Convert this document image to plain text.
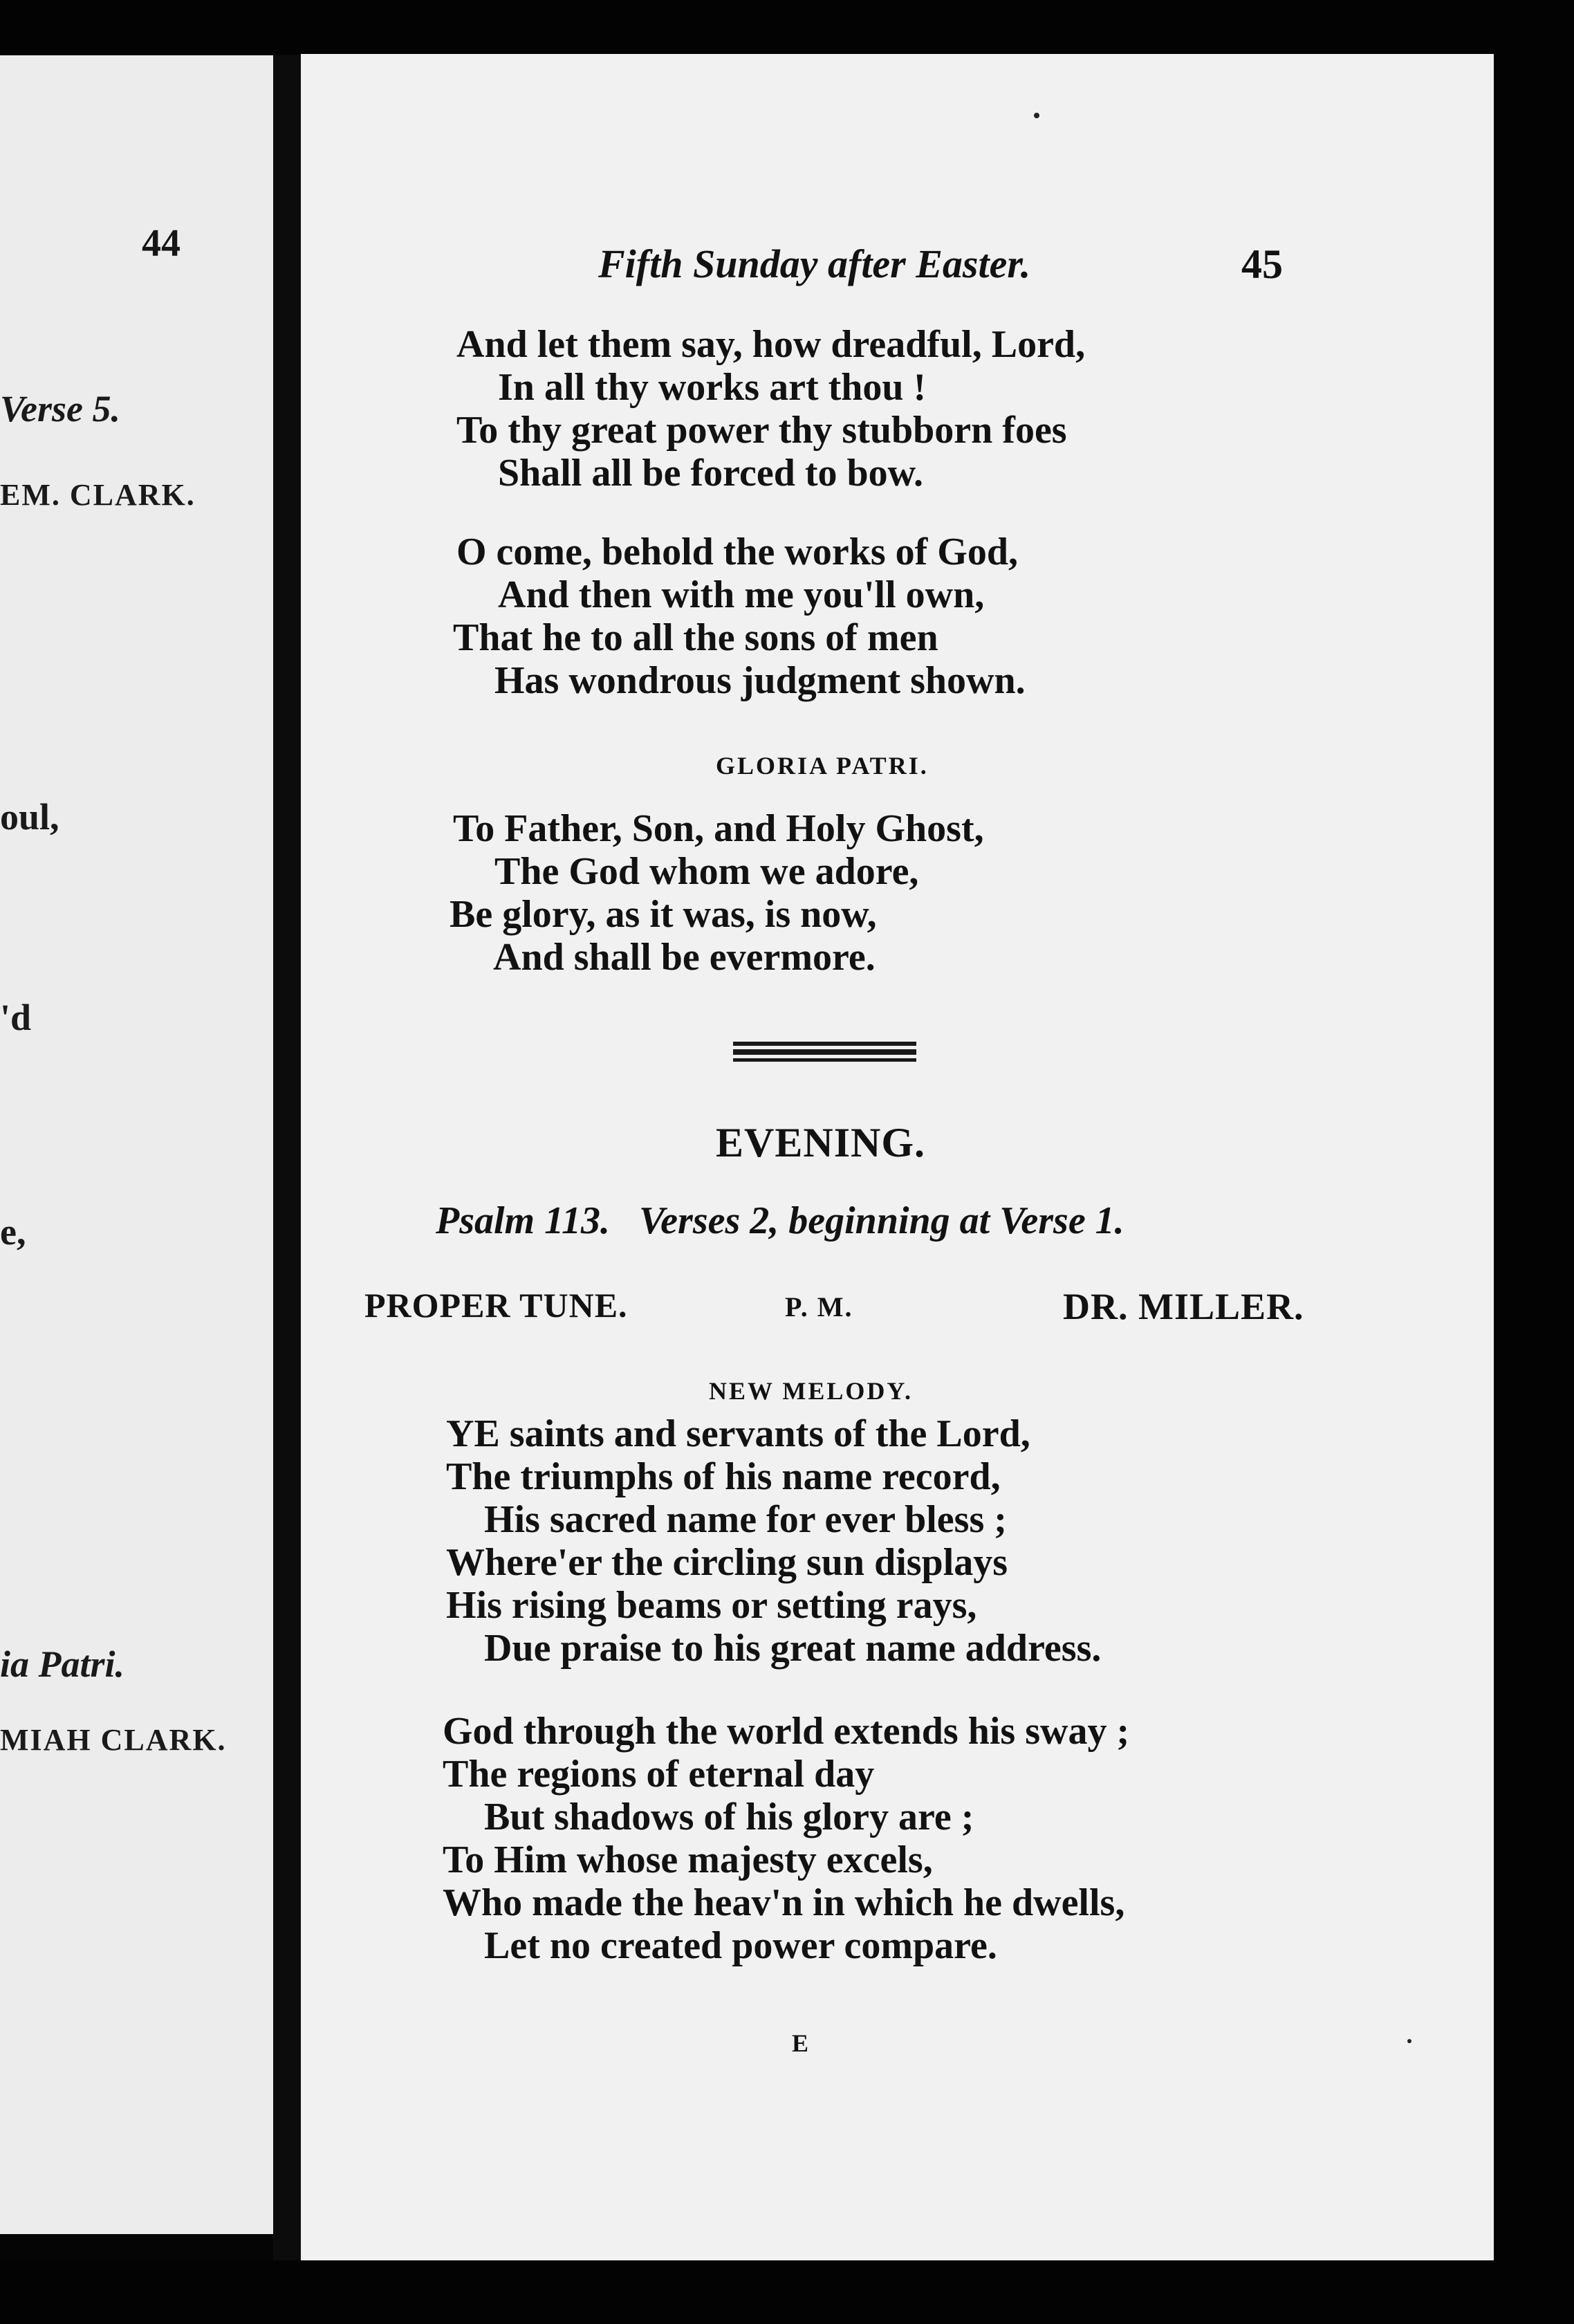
44
Verse 5.
EM. CLARK.
oul,
'd
e,
ia Patri.
MIAH CLARK.
Fifth Sunday after Easter.	45
And let them say, how dreadful, Lord,
In all thy works art thou !
To thy great power thy stubborn foes
Shall all be forced to bow.
O come, behold the works of God,
And then with me you'll own,
That he to all the sons of men
Has wondrous judgment shown.
GLORIA PATRI.
To Father, Son, and Holy Ghost,
The God whom we adore,
Be glory, as it was, is now,
And shall be evermore.
EVENING.
Psalm 113. Verses 2, beginning at Verse 1.
PROPER TUNE.	P. M.	DR. MILLER.
NEW MELODY.
YE saints and servants of the Lord,
The triumphs of his name record,
His sacred name for ever bless ;
Where'er the circling sun displays
His rising beams or setting rays,
Due praise to his great name address.
God through the world extends his sway ;
The regions of eternal day
But shadows of his glory are ;
To Him whose majesty excels,
Who made the heav'n in which he dwells,
Let no created power compare.
E
